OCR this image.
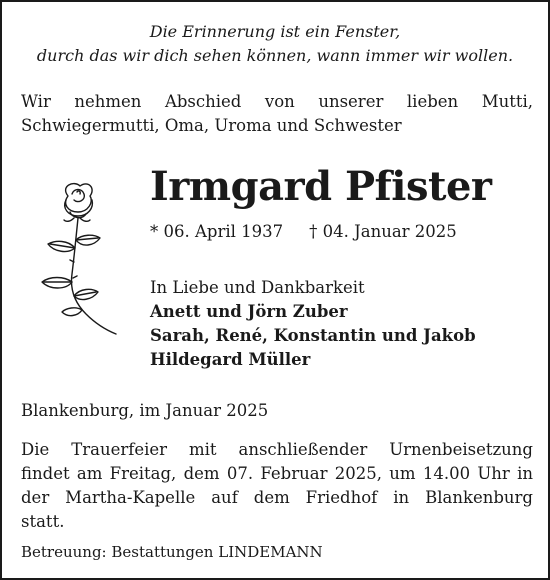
Die Erinnerung ist ein Fenster,
durch das wir dich sehen können, wann immer wir wollen.
Wir nehmen Abschied von unserer lieben Mutti,
Schwiegermutti, Oma, Uroma und Schwester
Irmgard Pfister
* 06. April 1937 † 04. Januar 2025
In Liebe und Dankbarkeit
Anett und Jörn Zuber
Sarah, René, Konstantin und Jakob
Hildegard Müller
Blankenburg, im Januar 2025
Die Trauerfeier mit anschließender Urnenbeisetzung
findet am Freitag, dem 07. Februar 2025, um 14.00 Uhr in
der Martha-Kapelle auf dem Friedhof in Blankenburg
statt.
Betreuung: Bestattungen LINDEMANN
